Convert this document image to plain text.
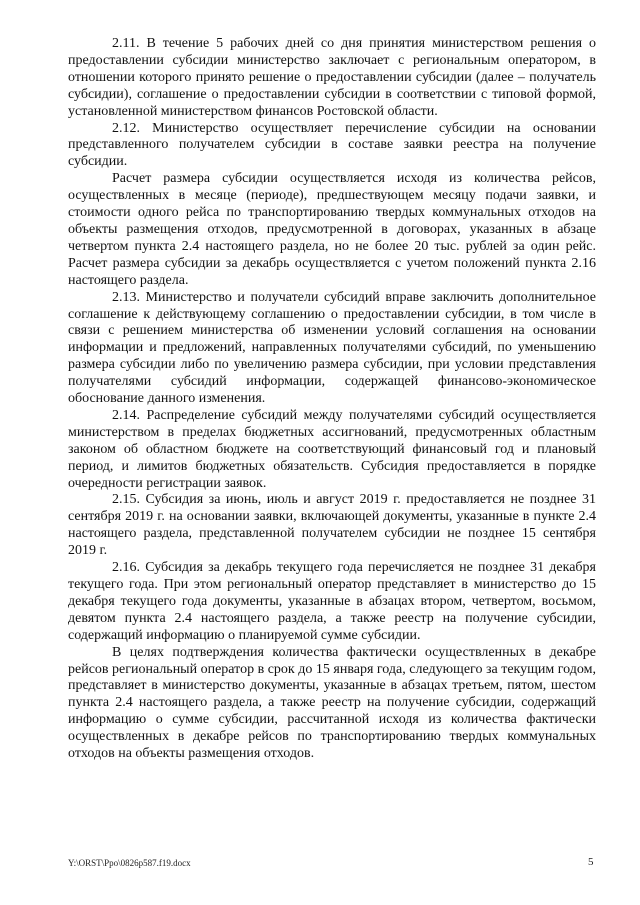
2.11. В течение 5 рабочих дней со дня принятия министерством решения о предоставлении субсидии министерство заключает с региональным оператором, в отношении которого принято решение о предоставлении субсидии (далее – получатель субсидии), соглашение о предоставлении субсидии в соответствии с типовой формой, установленной министерством финансов Ростовской области.

2.12. Министерство осуществляет перечисление субсидии на основании представленного получателем субсидии в составе заявки реестра на получение субсидии.

Расчет размера субсидии осуществляется исходя из количества рейсов, осуществленных в месяце (периоде), предшествующем месяцу подачи заявки, и стоимости одного рейса по транспортированию твердых коммунальных отходов на объекты размещения отходов, предусмотренной в договорах, указанных в абзаце четвертом пункта 2.4 настоящего раздела, но не более 20 тыс. рублей за один рейс. Расчет размера субсидии за декабрь осуществляется с учетом положений пункта 2.16 настоящего раздела.

2.13. Министерство и получатели субсидий вправе заключить дополнительное соглашение к действующему соглашению о предоставлении субсидии, в том числе в связи с решением министерства об изменении условий соглашения на основании информации и предложений, направленных получателями субсидий, по уменьшению размера субсидии либо по увеличению размера субсидии, при условии представления получателями субсидий информации, содержащей финансово-экономическое обоснование данного изменения.

2.14. Распределение субсидий между получателями субсидий осуществляется министерством в пределах бюджетных ассигнований, предусмотренных областным законом об областном бюджете на соответствующий финансовый год и плановый период, и лимитов бюджетных обязательств. Субсидия предоставляется в порядке очередности регистрации заявок.

2.15. Субсидия за июнь, июль и август 2019 г. предоставляется не позднее 31 сентября 2019 г. на основании заявки, включающей документы, указанные в пункте 2.4 настоящего раздела, представленной получателем субсидии не позднее 15 сентября 2019 г.

2.16. Субсидия за декабрь текущего года перечисляется не позднее 31 декабря текущего года. При этом региональный оператор представляет в министерство до 15 декабря текущего года документы, указанные в абзацах втором, четвертом, восьмом, девятом пункта 2.4 настоящего раздела, а также реестр на получение субсидии, содержащий информацию о планируемой сумме субсидии.

В целях подтверждения количества фактически осуществленных в декабре рейсов региональный оператор в срок до 15 января года, следующего за текущим годом, представляет в министерство документы, указанные в абзацах третьем, пятом, шестом пункта 2.4 настоящего раздела, а также реестр на получение субсидии, содержащий информацию о сумме субсидии, рассчитанной исходя из количества фактически осуществленных в декабре рейсов по транспортированию твердых коммунальных отходов на объекты размещения отходов.

Y:\ORST\Ppo\0826p587.f19.docx	5
